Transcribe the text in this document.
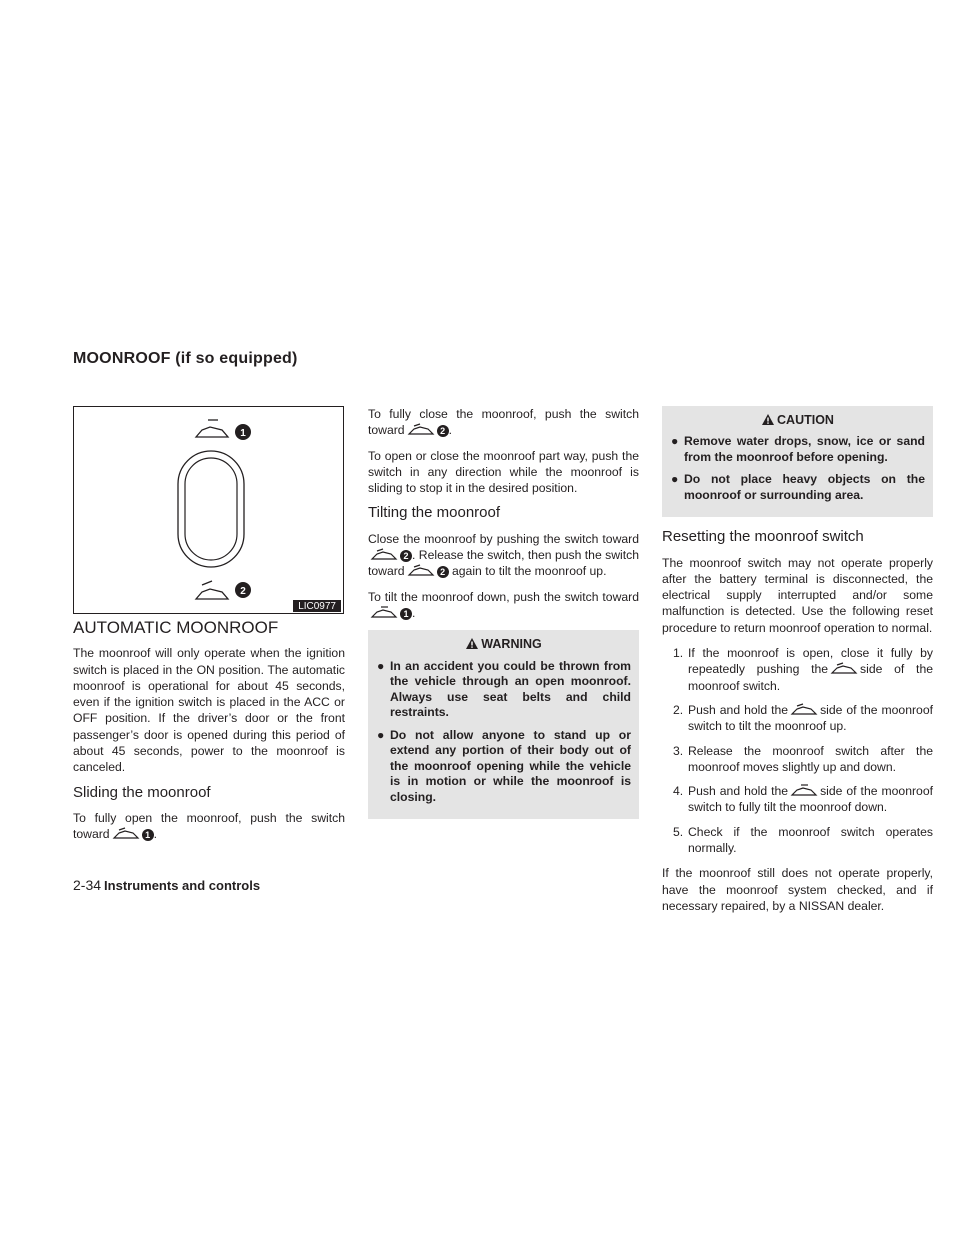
MOONROOF (if so equipped)
1
2
LIC0977
AUTOMATIC MOONROOF

The moonroof will only operate when the ignition switch is placed in the ON position. The automatic moonroof is operational for about 45 seconds, even if the ignition switch is placed in the ACC or OFF position. If the driver’s door or the front passenger’s door is opened during this period of about 45 seconds, power to the moonroof is canceled.

Sliding the moonroof

To fully open the moonroof, push the switch toward	1 .

To fully close the moonroof, push the switch toward	2 .

To open or close the moonroof part way, push the switch in any direction while the moonroof is sliding to stop it in the desired position.

Tilting the moonroof

Close the moonroof by pushing the switch toward2 . Release the switch, then push the switch toward	2 again to tilt the moonroof up.

To tilt the moonroof down, push the switch toward1 .

WARNING
● In an accident you could be thrown from the vehicle through an open moonroof. Always use seat belts and child restraints.
● Do not allow anyone to stand up or extend any portion of their body out of the moonroof opening while the vehicle is in motion or while the moonroof is closing.
CAUTION
● Remove water drops, snow, ice or sand from the moonroof before opening.
● Do not place heavy objects on the moonroof or surrounding area.
Resetting the moonroof switch

The moonroof switch may not operate properly after the battery terminal is disconnected, the electrical supply interrupted and/or some malfunction is detected. Use the following reset procedure to return moonroof operation to normal.

1. If the moonroof is open, close it fully by repeatedly pushing the	side of the moonroof switch.
2. Push and hold the	side of the moonroof switch to tilt the moonroof up.
3. Release the moonroof switch after the moonroof moves slightly up and down.
4. Push and hold the	side of the moonroof switch to fully tilt the moonroof down.
5. Check if the moonroof switch operates normally.

If the moonroof still does not operate properly, have the moonroof system checked, and if necessary repaired, by a NISSAN dealer.

2-34 Instruments and controls
